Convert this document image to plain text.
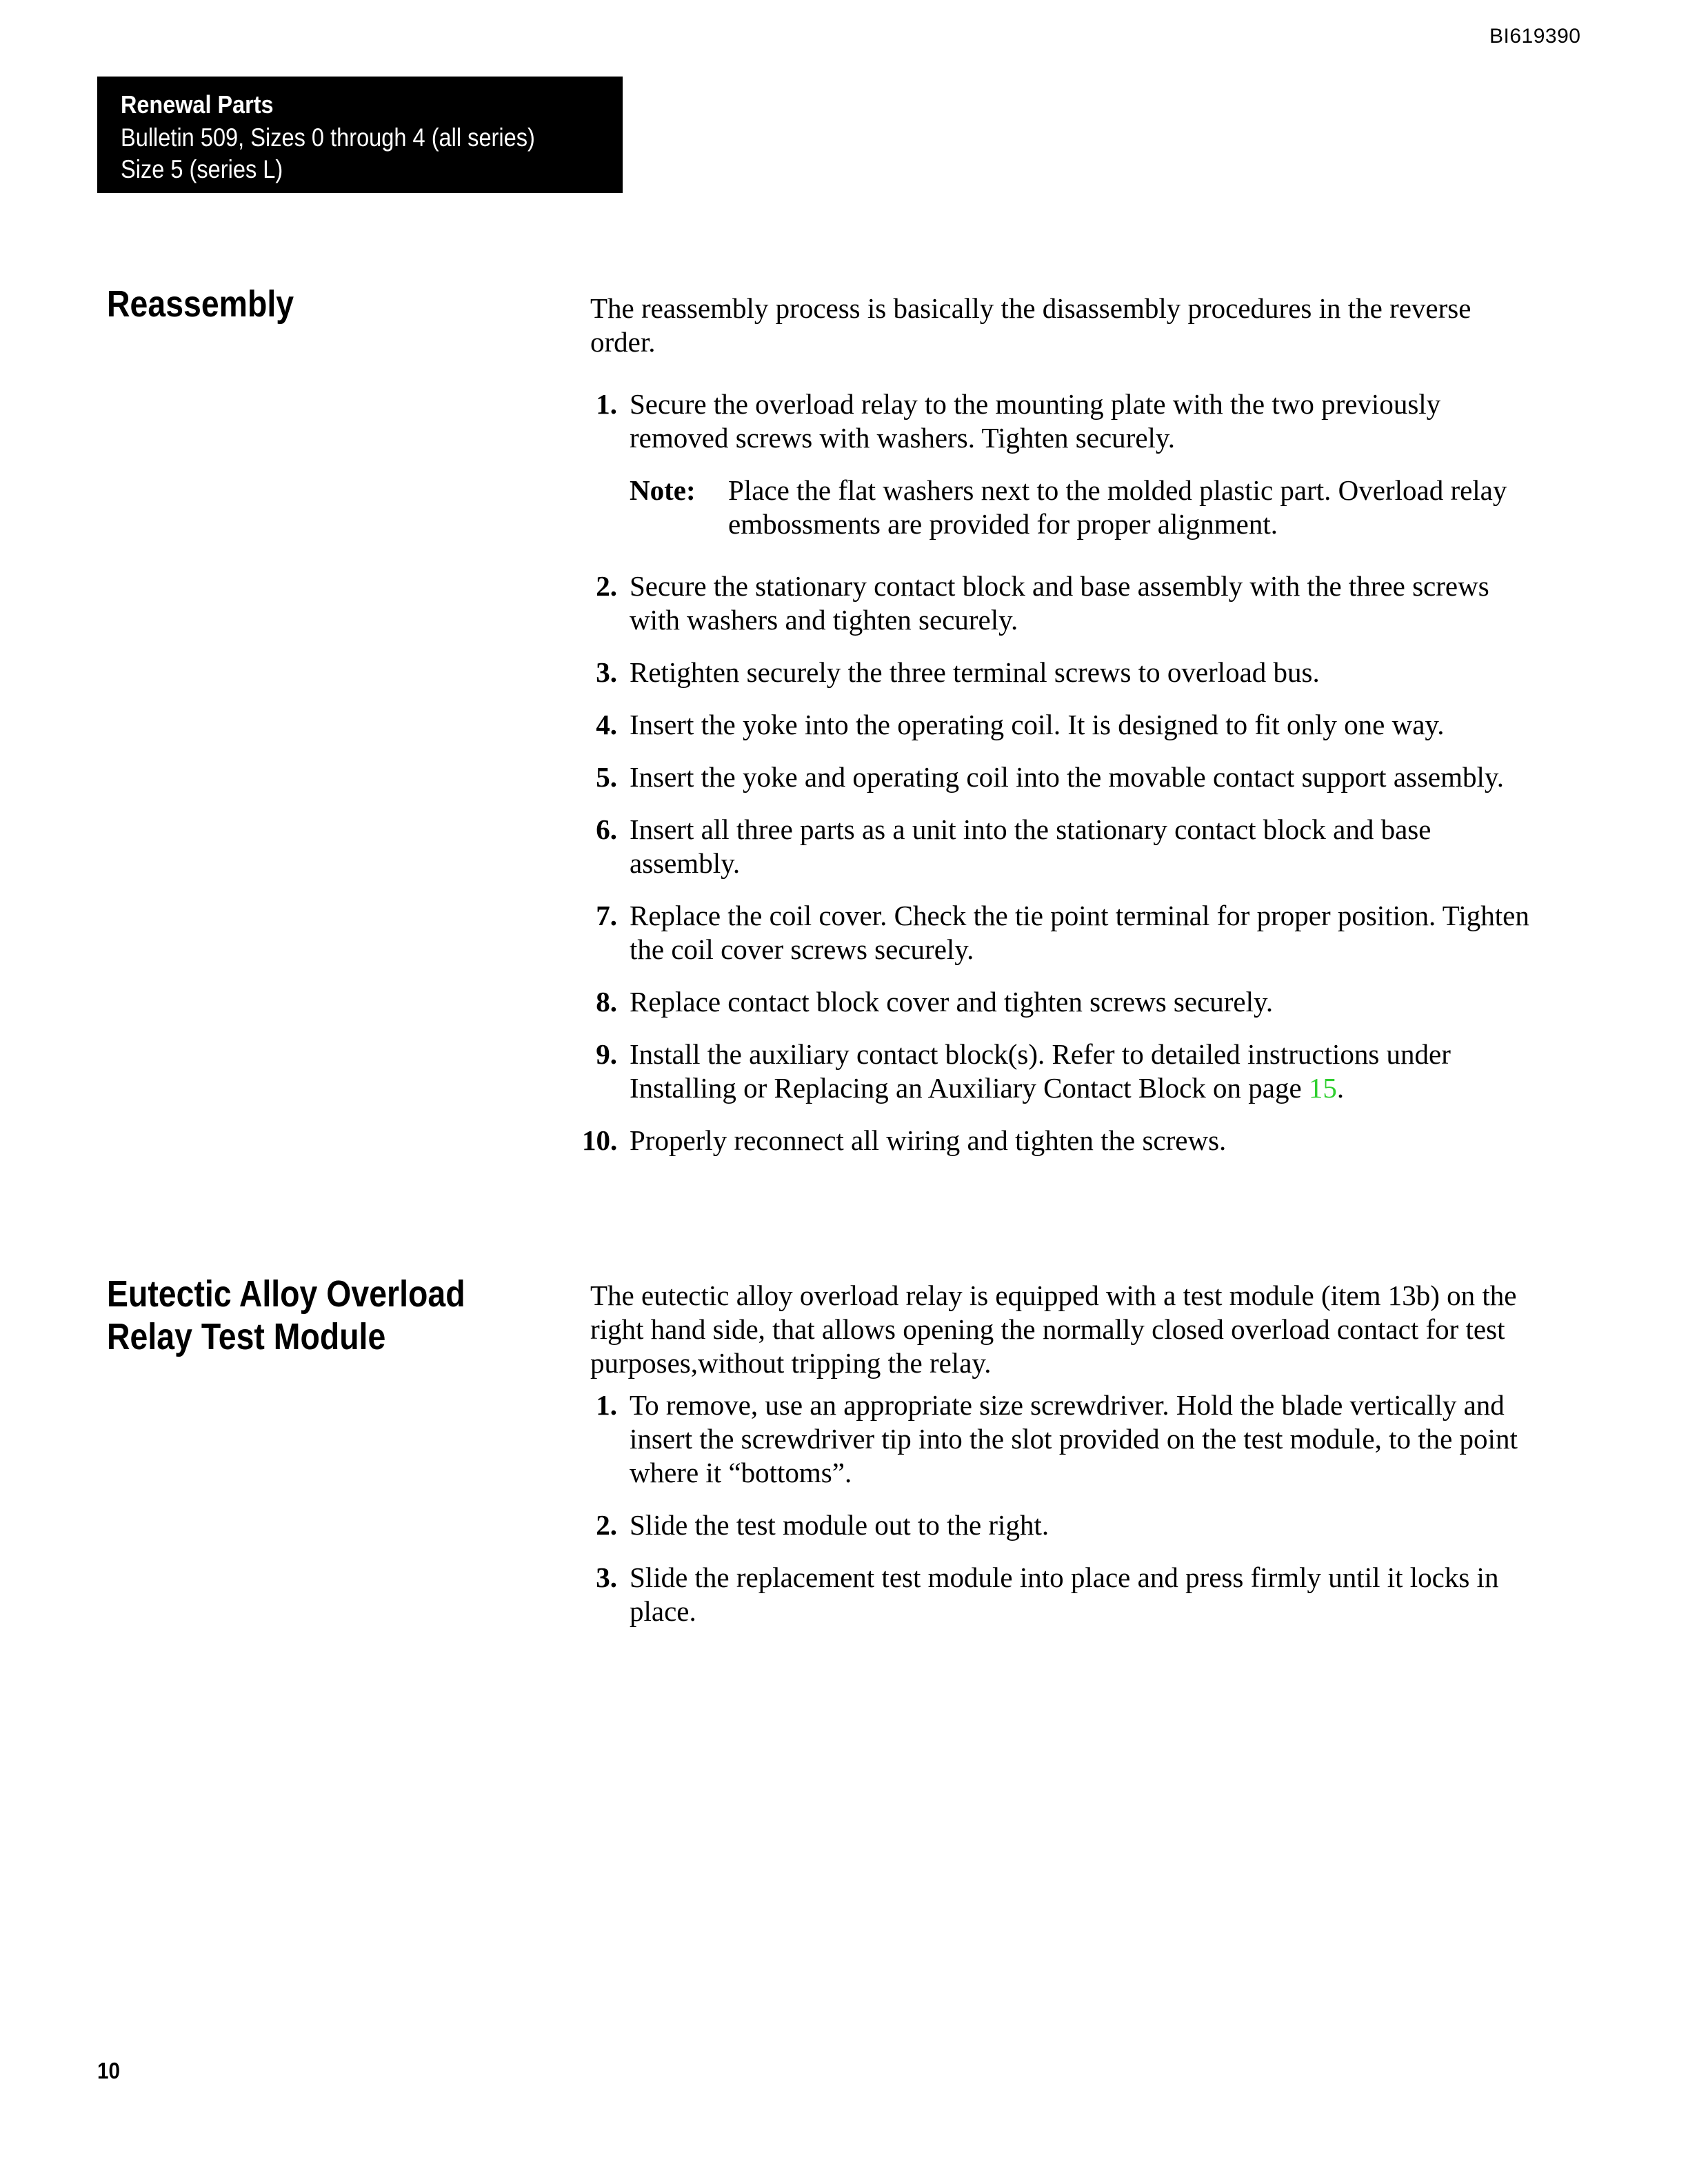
BI619390
Renewal Parts
Bulletin 509, Sizes 0 through 4 (all series)
Size 5 (series L)
Reassembly	The reassembly process is basically the disassembly procedures in the reverse order.

1. Secure the overload relay to the mounting plate with the two previously removed screws with washers. Tighten securely.
Note:	Place the flat washers next to the molded plastic part. Overload relay embossments are provided for proper alignment.
2. Secure the stationary contact block and base assembly with the three screws with washers and tighten securely.
3. Retighten securely the three terminal screws to overload bus.
4. Insert the yoke into the operating coil. It is designed to fit only one way.
5. Insert the yoke and operating coil into the movable contact support assembly.
6. Insert all three parts as a unit into the stationary contact block and base assembly.
7. Replace the coil cover. Check the tie point terminal for proper position. Tighten the coil cover screws securely.
8. Replace contact block cover and tighten screws securely.
9. Install the auxiliary contact block(s). Refer to detailed instructions under Installing or Replacing an Auxiliary Contact Block on page 15.
10. Properly reconnect all wiring and tighten the screws.
Eutectic Alloy Overload
Relay Test Module

The eutectic alloy overload relay is equipped with a test module (item 13b) on the right hand side, that allows opening the normally closed overload contact for test purposes,without tripping the relay.

1. To remove, use an appropriate size screwdriver. Hold the blade vertically and insert the screwdriver tip into the slot provided on the test module, to the point where it “bottoms”.
2. Slide the test module out to the right.
3. Slide the replacement test module into place and press firmly until it locks in place.
10
